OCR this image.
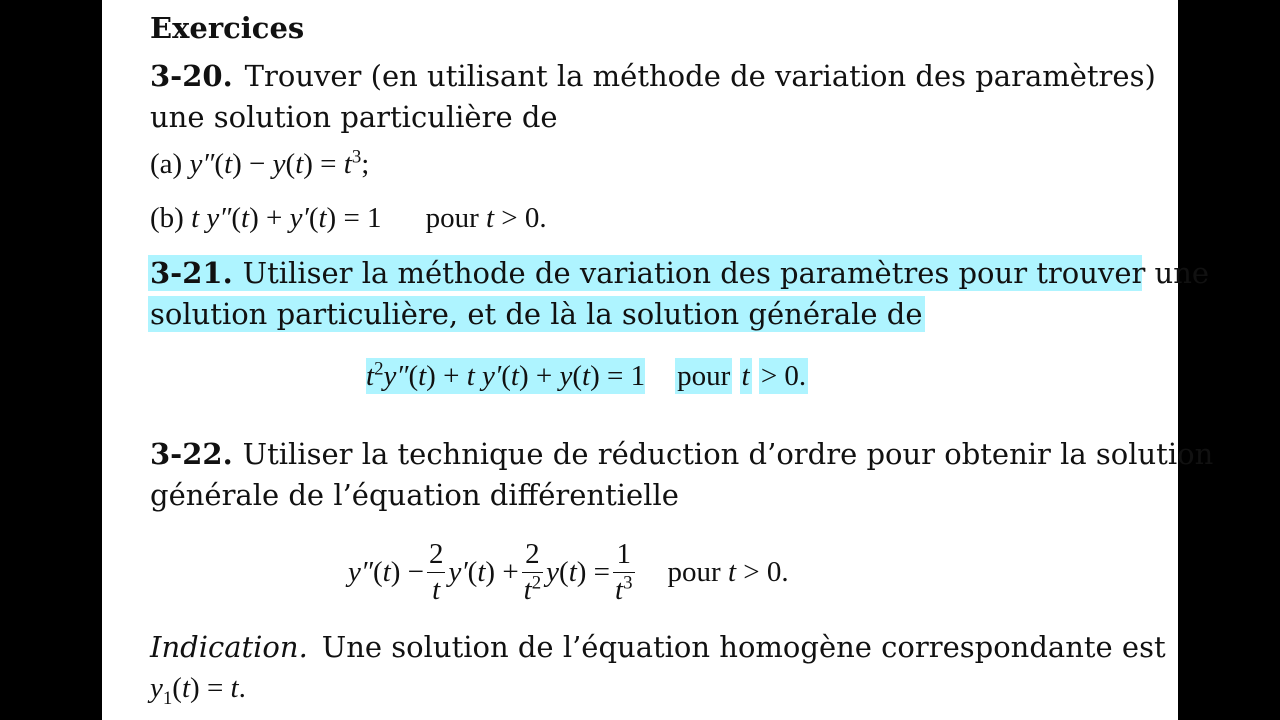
Exercices
3-20. Trouver (en utilisant la méthode de variation des paramètres)
une solution particulière de
(a) $y''(t) - y(t) = t^3$;
(b) t y″(t) + y′(t) = 1 pour t > 0.
3-21. Utiliser la méthode de variation des paramètres pour trouver une
solution particulière, et de là la solution générale de
$t^2y''(t) + t$ y′(t) + y(t) = 1 pour t > 0.
3-22. Utiliser la technique de réduction d’ordre pour obtenir la solution
générale de l’équation différentielle
$y''(t) - \frac{2}{t} y'(t) + \frac{2}{t^2} y(t) = \frac{1}{t^3}$ pour
t > 0.
Indication. Une solution de l’équation homogène correspondante est
$y_1(t) = t$.
